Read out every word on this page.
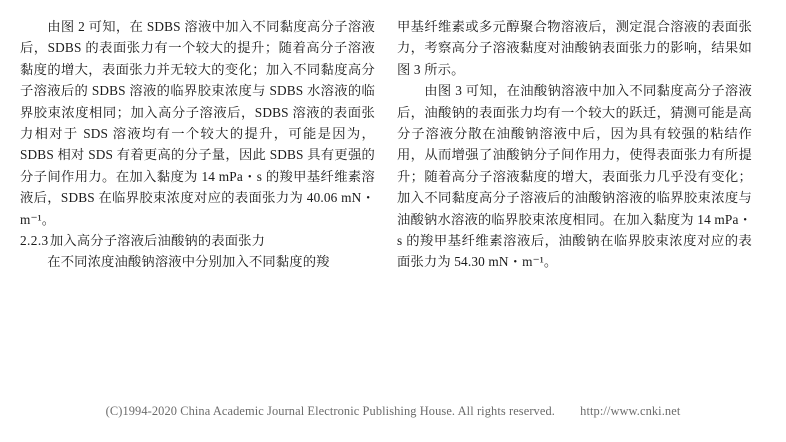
由图 2 可知，在 SDBS 溶液中加入不同黏度高分子溶液后，SDBS 的表面张力有一个较大的提升；随着高分子溶液黏度的增大，表面张力并无较大的变化；加入不同黏度高分子溶液后的 SDBS 溶液的临界胶束浓度与 SDBS 水溶液的临界胶束浓度相同；加入高分子溶液后，SDBS 溶液的表面张力相对于 SDS 溶液均有一个较大的提升，可能是因为，SDBS 相对 SDS 有着更高的分子量，因此 SDBS 具有更强的分子间作用力。在加入黏度为 14 mPa・s 的羧甲基纤维素溶液后，SDBS 在临界胶束浓度对应的表面张力为 40.06 mN・m⁻¹。

2.2.3 加入高分子溶液后油酸钠的表面张力

在不同浓度油酸钠溶液中分别加入不同黏度的羧

甲基纤维素或多元醇聚合物溶液后，测定混合溶液的表面张力，考察高分子溶液黏度对油酸钠表面张力的影响，结果如图 3 所示。

由图 3 可知，在油酸钠溶液中加入不同黏度高分子溶液后，油酸钠的表面张力均有一个较大的跃迁，猜测可能是高分子溶液分散在油酸钠溶液中后，因为具有较强的粘结作用，从而增强了油酸钠分子间作用力，使得表面张力有所提升；随着高分子溶液黏度的增大，表面张力几乎没有变化；加入不同黏度高分子溶液后的油酸钠溶液的临界胶束浓度与油酸钠水溶液的临界胶束浓度相同。在加入黏度为 14 mPa・s 的羧甲基纤维素溶液后，油酸钠在临界胶束浓度对应的表面张力为 54.30 mN・m⁻¹。

(C)1994-2020 China Academic Journal Electronic Publishing House. All rights reserved. http://www.cnki.net
